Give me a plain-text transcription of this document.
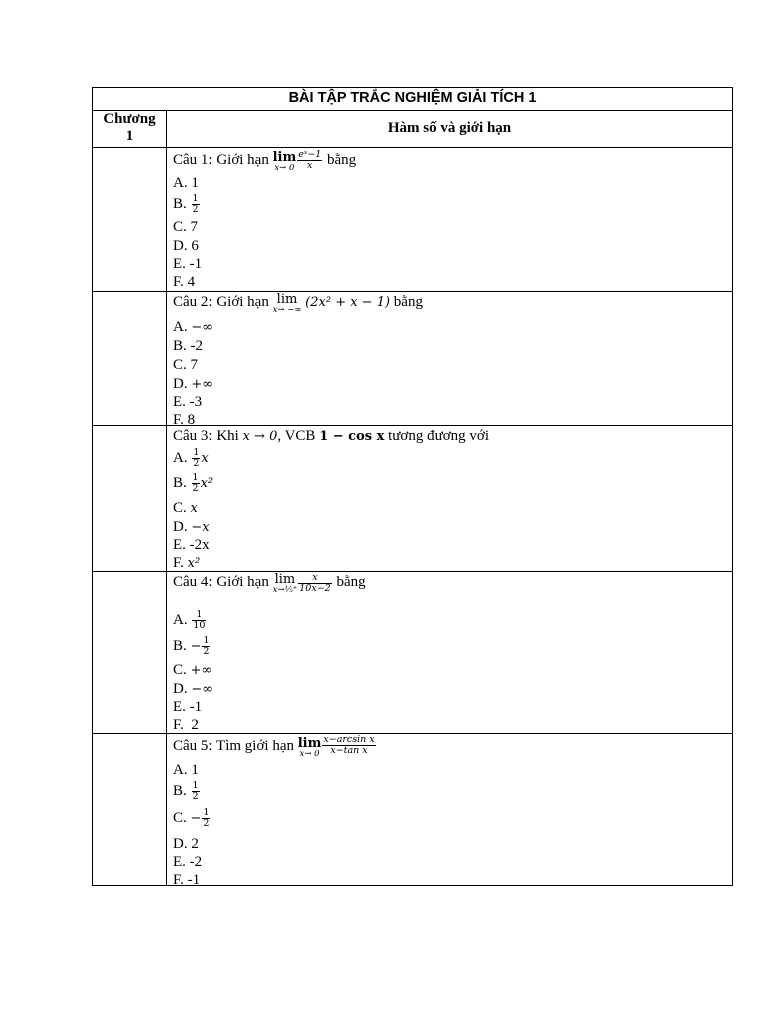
BÀI TẬP TRẮC NGHIỆM GIẢI TÍCH 1
Chương
1	Hàm số và giới hạn
Câu 1: Giới hạn lim
$x\to 0 \frac{\text{eˣ−1}}{x}$ bằng
A. 1
B. $\frac{1}{2}$
C. 7
D. 6
E. -1
F. 4
Câu 2: Giới hạn lim
x→ −∞ (2x² + x − 1) bằng
A. −∞
B. -2
C. 7
D. +∞
E. -3
F. 8
Câu 3: Khi x → 0, VCB 1 − cos x tương đương với
A. $\frac{1}{2}$ x
B. $\frac{1}{2} x^2$
C. x
D. −x
E. -2x
F. x²
Câu 4: Giới hạn lim
x→⅕⁺ $\frac{x}{10x-2}$ bằng
A. $\frac{1}{10}$
B. − $\frac{1}{2}$
C. +∞
D. −∞
E. -1
F.  2
Câu 5: Tìm giới hạn lim
$x\to 0 \frac{\text{x−arcsin x}}{\text{x−tan x}}$
A. 1
B. $\frac{1}{2}$
C. − $\frac{1}{2}$
D. 2
E. -2
F. -1
